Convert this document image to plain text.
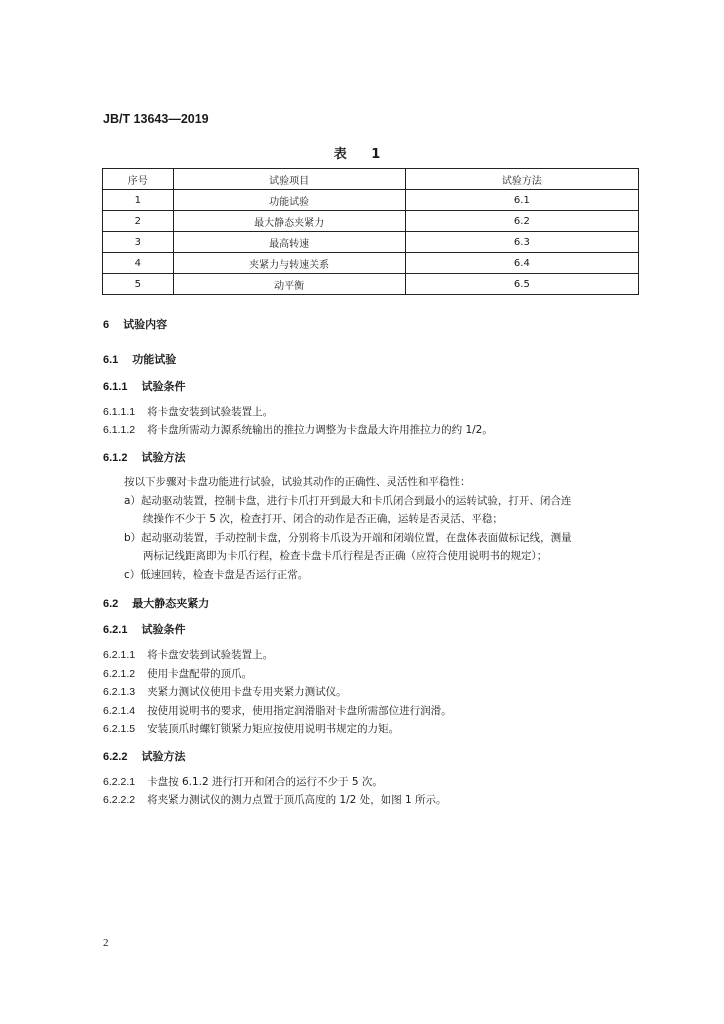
JB/T 13643—2019
表 1
序号	试验项目	试验方法
1	功能试验	6.1
2	最大静态夹紧力	6.2
3	最高转速	6.3
4	夹紧力与转速关系	6.4
5	动平衡	6.5
6 试验内容
6.1 功能试验
6.1.1 试验条件
6.1.1.1 将卡盘安装到试验装置上。
6.1.1.2 将卡盘所需动力源系统输出的推拉力调整为卡盘最大许用推拉力的约 1/2。
6.1.2 试验方法
按以下步骤对卡盘功能进行试验，试验其动作的正确性、灵活性和平稳性：
a）起动驱动装置，控制卡盘，进行卡爪打开到最大和卡爪闭合到最小的运转试验，打开、闭合连
续操作不少于 5 次，检查打开、闭合的动作是否正确，运转是否灵活、平稳；
b）起动驱动装置，手动控制卡盘，分别将卡爪设为开端和闭端位置，在盘体表面做标记线，测量
两标记线距离即为卡爪行程，检查卡盘卡爪行程是否正确（应符合使用说明书的规定）；
c）低速回转，检查卡盘是否运行正常。
6.2 最大静态夹紧力
6.2.1 试验条件
6.2.1.1 将卡盘安装到试验装置上。
6.2.1.2 使用卡盘配带的顶爪。
6.2.1.3 夹紧力测试仪使用卡盘专用夹紧力测试仪。
6.2.1.4 按使用说明书的要求，使用指定润滑脂对卡盘所需部位进行润滑。
6.2.1.5 安装顶爪时螺钉锁紧力矩应按使用说明书规定的力矩。
6.2.2 试验方法
6.2.2.1 卡盘按 6.1.2 进行打开和闭合的运行不少于 5 次。
6.2.2.2 将夹紧力测试仪的测力点置于顶爪高度的 1/2 处，如图 1 所示。
2
